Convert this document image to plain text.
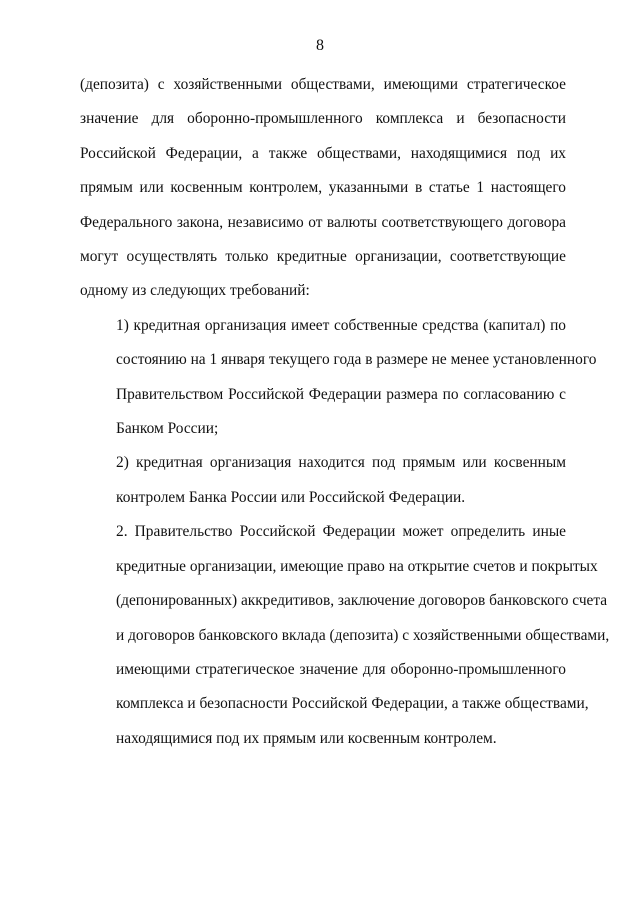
8

(депозита) с хозяйственными обществами, имеющими стратегическое
значение для оборонно-промышленного комплекса и безопасности
Российской Федерации, а также обществами, находящимися под их
прямым или косвенным контролем, указанными в статье 1 настоящего
Федерального закона, независимо от валюты соответствующего договора
могут осуществлять только кредитные организации, соответствующие
одному из следующих требований:

1) кредитная организация имеет собственные средства (капитал) по
состоянию на 1 января текущего года в размере не менее установленного
Правительством Российской Федерации размера по согласованию с
Банком России;

2) кредитная организация находится под прямым или косвенным
контролем Банка России или Российской Федерации.

2. Правительство Российской Федерации может определить иные
кредитные организации, имеющие право на открытие счетов и покрытых
(депонированных) аккредитивов, заключение договоров банковского счета
и договоров банковского вклада (депозита) с хозяйственными обществами,
имеющими стратегическое значение для оборонно-промышленного
комплекса и безопасности Российской Федерации, а также обществами,
находящимися под их прямым или косвенным контролем.
